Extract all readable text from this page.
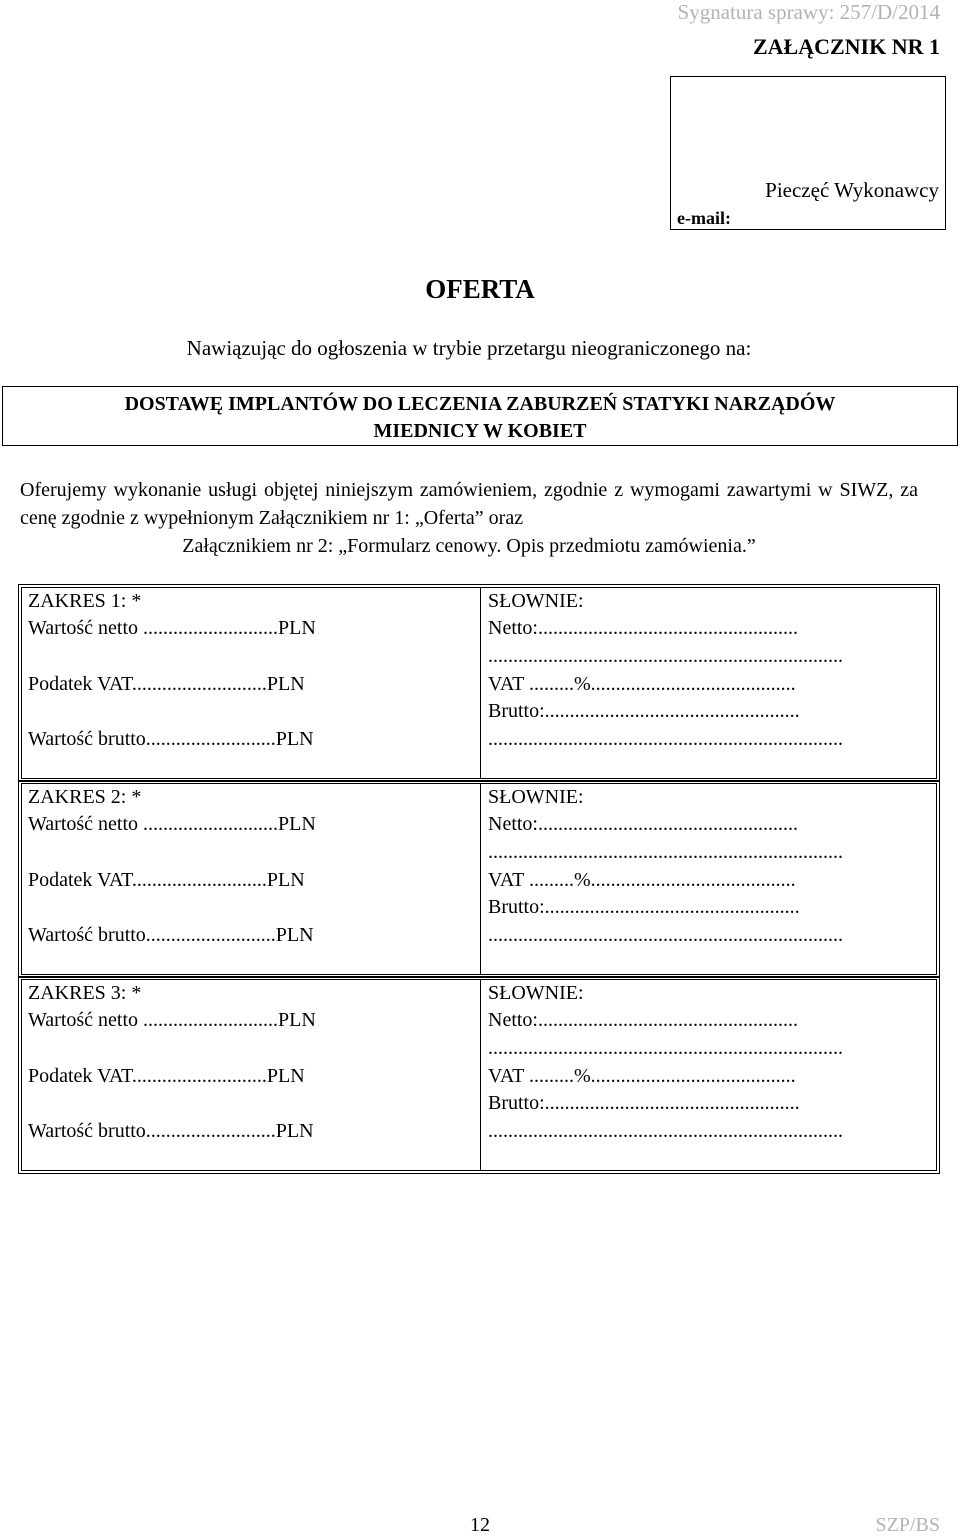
Sygnatura sprawy: 257/D/2014
ZAŁĄCZNIK NR 1
Pieczęć Wykonawcy
e-mail:
OFERTA
Nawiązując do ogłoszenia w trybie przetargu nieograniczonego na:
DOSTAWĘ IMPLANTÓW DO LECZENIA ZABURZEŃ STATYKI NARZĄDÓW
MIEDNICY W KOBIET
Oferujemy wykonanie usługi objętej niniejszym zamówieniem, zgodnie z wymogami zawartymi w SIWZ, za cenę zgodnie z wypełnionym Załącznikiem nr 1: „Oferta” oraz
Załącznikiem nr 2: „Formularz cenowy. Opis przedmiotu zamówienia.”
ZAKRES 1: *
Wartość netto ...........................PLN
Podatek VAT...........................PLN
Wartość brutto..........................PLN
SŁOWNIE:
Netto:....................................................
.......................................................................
VAT .........%.........................................
Brutto:...................................................
.......................................................................
ZAKRES 2: *
Wartość netto ...........................PLN
Podatek VAT...........................PLN
Wartość brutto..........................PLN
SŁOWNIE:
Netto:....................................................
.......................................................................
VAT .........%.........................................
Brutto:...................................................
.......................................................................
ZAKRES 3: *
Wartość netto ...........................PLN
Podatek VAT...........................PLN
Wartość brutto..........................PLN
SŁOWNIE:
Netto:....................................................
.......................................................................
VAT .........%.........................................
Brutto:...................................................
.......................................................................
12	SZP/BS
